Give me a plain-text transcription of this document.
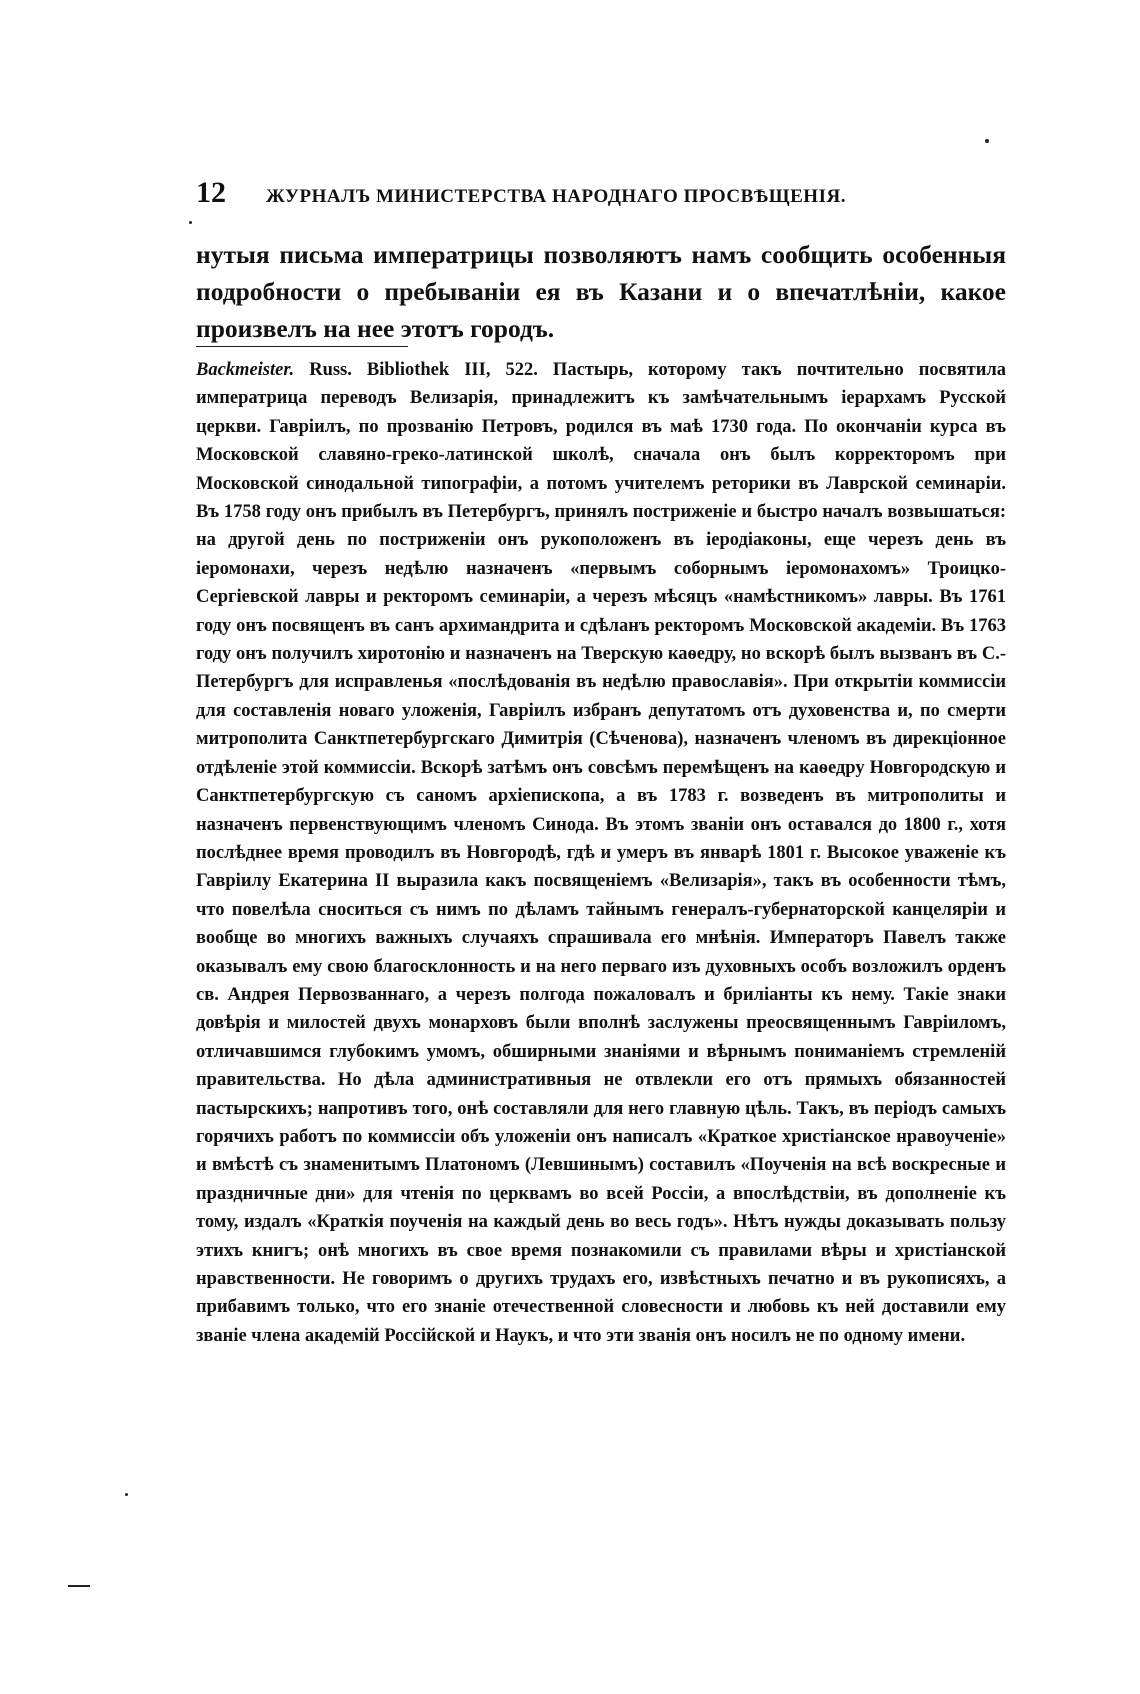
12	ЖУРНАЛЪ МИНИСТЕРСТВА НАРОДНАГО ПРОСВѢЩЕНІЯ.

нутыя письма императрицы позволяютъ намъ сообщить особенныя подробности о пребываніи ея въ Казани и о впечатлѣніи, какое произвелъ на нее этотъ городъ.

Backmeister. Russ. Bibliothek III, 522. Пастырь, которому такъ почтительно посвятила императрица переводъ Велизарія, принадлежитъ къ замѣчательнымъ іерархамъ Русской церкви. Гавріилъ, по прозванію Петровъ, родился въ маѣ 1730 года. По окончаніи курса въ Московской славяно-греко-латинской школѣ, сначала онъ былъ корректоромъ при Московской синодальной типографіи, а потомъ учителемъ реторики въ Лаврской семинаріи. Въ 1758 году онъ прибылъ въ Петербургъ, принялъ постриженіе и быстро началъ возвышаться: на другой день по постриженіи онъ рукоположенъ въ іеродіаконы, еще черезъ день въ іеромонахи, черезъ недѣлю назначенъ «первымъ соборнымъ іеромонахомъ» Троицко-Сергіевской лавры и ректоромъ семинаріи, а черезъ мѣсяцъ «намѣстникомъ» лавры. Въ 1761 году онъ посвященъ въ санъ архимандрита и сдѣланъ ректоромъ Московской академіи. Въ 1763 году онъ получилъ хиротонію и назначенъ на Тверскую каѳедру, но вскорѣ былъ вызванъ въ С.-Петербургъ для исправленья «послѣдованія въ недѣлю православія». При открытіи коммиссіи для составленія новаго уложенія, Гавріилъ избранъ депутатомъ отъ духовенства и, по смерти митрополита Санктпетербургскаго Димитрія (Сѣченова), назначенъ членомъ въ дирекціонное отдѣленіе этой коммиссіи. Вскорѣ затѣмъ онъ совсѣмъ перемѣщенъ на каѳедру Новгородскую и Санктпетербургскую съ саномъ архіепископа, а въ 1783 г. возведенъ въ митрополиты и назначенъ первенствующимъ членомъ Синода. Въ этомъ званіи онъ оставался до 1800 г., хотя послѣднее время проводилъ въ Новгородѣ, гдѣ и умеръ въ январѣ 1801 г. Высокое уваженіе къ Гавріилу Екатерина II выразила какъ посвященіемъ «Велизарія», такъ въ особенности тѣмъ, что повелѣла сноситься съ нимъ по дѣламъ тайнымъ генералъ-губернаторской канцеляріи и вообще во многихъ важныхъ случаяхъ спрашивала его мнѣнія. Императоръ Павелъ также оказывалъ ему свою благосклонность и на него перваго изъ духовныхъ особъ возложилъ орденъ св. Андрея Первозваннаго, а черезъ полгода пожаловалъ и бриліанты къ нему. Такіе знаки довѣрія и милостей двухъ монарховъ были вполнѣ заслужены преосвященнымъ Гавріиломъ, отличавшимся глубокимъ умомъ, обширными знаніями и вѣрнымъ пониманіемъ стремленій правительства. Но дѣла административныя не отвлекли его отъ прямыхъ обязанностей пастырскихъ; напротивъ того, онѣ составляли для него главную цѣль. Такъ, въ періодъ самыхъ горячихъ работъ по коммиссіи объ уложеніи онъ написалъ «Краткое христіанское нравоученіе» и вмѣстѣ съ знаменитымъ Платономъ (Левшинымъ) составилъ «Поученія на всѣ воскресные и праздничные дни» для чтенія по церквамъ во всей Россіи, а впослѣдствіи, въ дополненіе къ тому, издалъ «Краткія поученія на каждый день во весь годъ». Нѣтъ нужды доказывать пользу этихъ книгъ; онѣ многихъ въ свое время познакомили съ правилами вѣры и христіанской нравственности. Не говоримъ о другихъ трудахъ его, извѣстныхъ печатно и въ рукописяхъ, а прибавимъ только, что его знаніе отечественной словесности и любовь къ ней доставили ему званіе члена академій Россійской и Наукъ, и что эти званія онъ носилъ не по одному имени.
